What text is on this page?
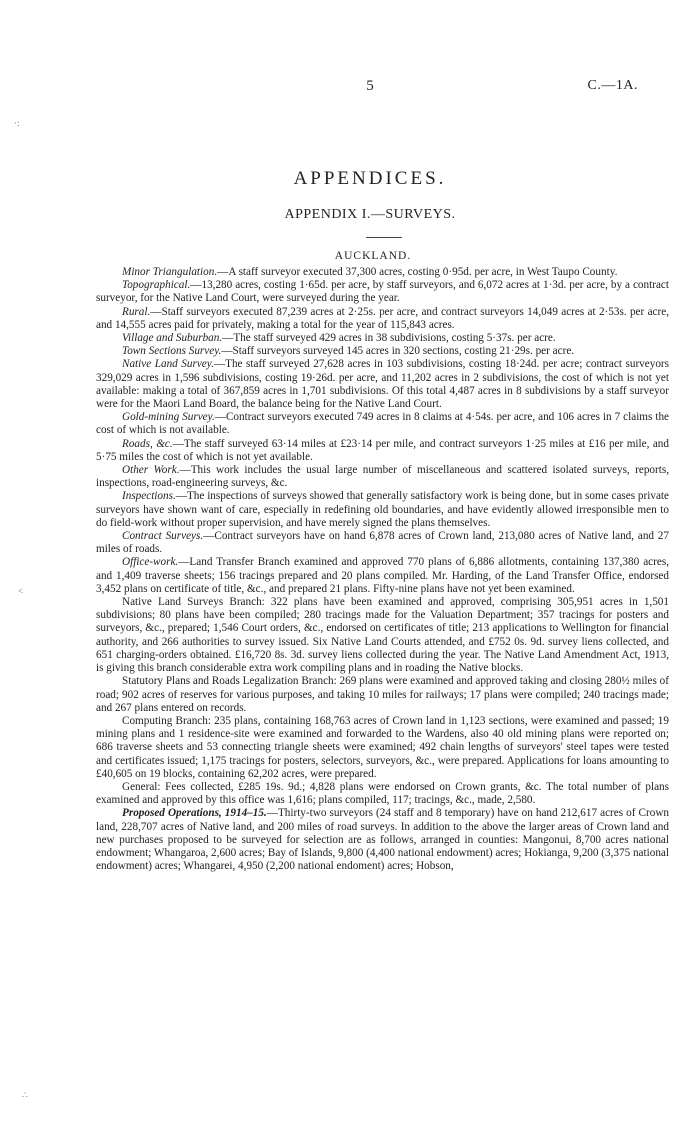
5	C.—1A.
·:
<
∴
APPENDICES.
APPENDIX I.—SURVEYS.
AUCKLAND.

Minor Triangulation.—A staff surveyor executed 37,300 acres, costing 0·95d. per acre, in West Taupo County.

Topographical.—13,280 acres, costing 1·65d. per acre, by staff surveyors, and 6,072 acres at 1·3d. per acre, by a contract surveyor, for the Native Land Court, were surveyed during the year.

Rural.—Staff surveyors executed 87,239 acres at 2·25s. per acre, and contract surveyors 14,049 acres at 2·53s. per acre, and 14,555 acres paid for privately, making a total for the year of 115,843 acres.

Village and Suburban.—The staff surveyed 429 acres in 38 subdivisions, costing 5·37s. per acre.

Town Sections Survey.—Staff surveyors surveyed 145 acres in 320 sections, costing 21·29s. per acre.

Native Land Survey.—The staff surveyed 27,628 acres in 103 subdivisions, costing 18·24d. per acre; contract surveyors 329,029 acres in 1,596 subdivisions, costing 19·26d. per acre, and 11,202 acres in 2 subdivisions, the cost of which is not yet available: making a total of 367,859 acres in 1,701 subdivisions. Of this total 4,487 acres in 8 subdivisions by a staff surveyor were for the Maori Land Board, the balance being for the Native Land Court.

Gold-mining Survey.—Contract surveyors executed 749 acres in 8 claims at 4·54s. per acre, and 106 acres in 7 claims the cost of which is not available.

Roads, &c.—The staff surveyed 63·14 miles at £23·14 per mile, and contract surveyors 1·25 miles at £16 per mile, and 5·75 miles the cost of which is not yet available.

Other Work.—This work includes the usual large number of miscellaneous and scattered isolated surveys, reports, inspections, road-engineering surveys, &c.

Inspections.—The inspections of surveys showed that generally satisfactory work is being done, but in some cases private surveyors have shown want of care, especially in redefining old boundaries, and have evidently allowed irresponsible men to do field-work without proper supervision, and have merely signed the plans themselves.

Contract Surveys.—Contract surveyors have on hand 6,878 acres of Crown land, 213,080 acres of Native land, and 27 miles of roads.

Office-work.—Land Transfer Branch examined and approved 770 plans of 6,886 allotments, containing 137,380 acres, and 1,409 traverse sheets; 156 tracings prepared and 20 plans compiled. Mr. Harding, of the Land Transfer Office, endorsed 3,452 plans on certificate of title, &c., and prepared 21 plans. Fifty-nine plans have not yet been examined.

Native Land Surveys Branch: 322 plans have been examined and approved, comprising 305,951 acres in 1,501 subdivisions; 80 plans have been compiled; 280 tracings made for the Valuation Department; 357 tracings for posters and surveyors, &c., prepared; 1,546 Court orders, &c., endorsed on certificates of title; 213 applications to Wellington for financial authority, and 266 authorities to survey issued. Six Native Land Courts attended, and £752 0s. 9d. survey liens collected, and 651 charging-orders obtained. £16,720 8s. 3d. survey liens collected during the year. The Native Land Amendment Act, 1913, is giving this branch considerable extra work compiling plans and in roading the Native blocks.

Statutory Plans and Roads Legalization Branch: 269 plans were examined and approved taking and closing 280½ miles of road; 902 acres of reserves for various purposes, and taking 10 miles for railways; 17 plans were compiled; 240 tracings made; and 267 plans entered on records.

Computing Branch: 235 plans, containing 168,763 acres of Crown land in 1,123 sections, were examined and passed; 19 mining plans and 1 residence-site were examined and forwarded to the Wardens, also 40 old mining plans were reported on; 686 traverse sheets and 53 connecting triangle sheets were examined; 492 chain lengths of surveyors' steel tapes were tested and certificates issued; 1,175 tracings for posters, selectors, surveyors, &c., were prepared. Applications for loans amounting to £40,605 on 19 blocks, containing 62,202 acres, were prepared.

General: Fees collected, £285 19s. 9d.; 4,828 plans were endorsed on Crown grants, &c. The total number of plans examined and approved by this office was 1,616; plans compiled, 117; tracings, &c., made, 2,580.

Proposed Operations, 1914–15.—Thirty-two surveyors (24 staff and 8 temporary) have on hand 212,617 acres of Crown land, 228,707 acres of Native land, and 200 miles of road surveys. In addition to the above the larger areas of Crown land and new purchases proposed to be surveyed for selection are as follows, arranged in counties: Mangonui, 8,700 acres national endowment; Whangaroa, 2,600 acres; Bay of Islands, 9,800 (4,400 national endowment) acres; Hokianga, 9,200 (3,375 national endowment) acres; Whangarei, 4,950 (2,200 national endoment) acres; Hobson,
